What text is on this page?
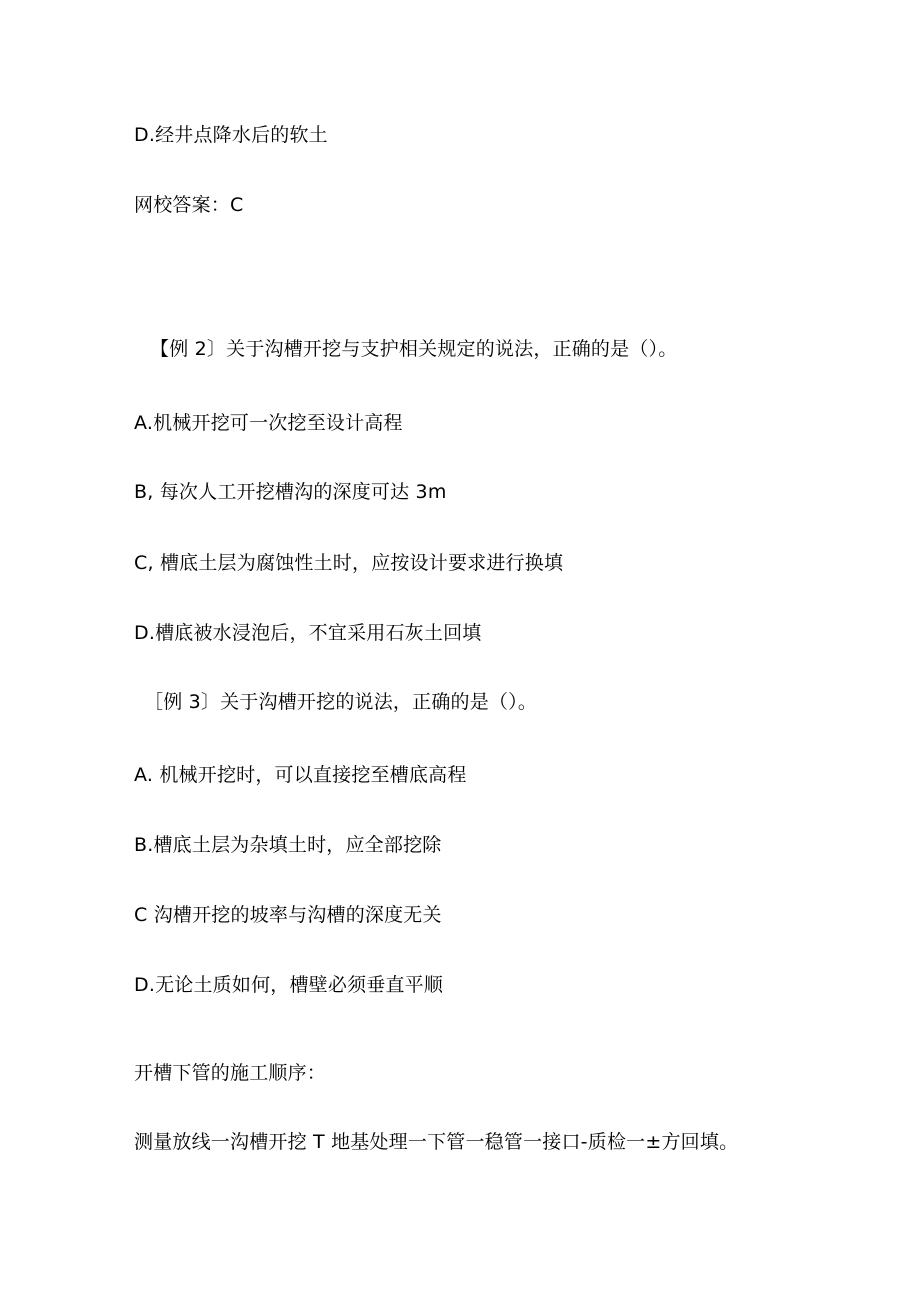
D.经井点降水后的软土

网校答案：C

【例 2〕关于沟槽开挖与支护相关规定的说法，正确的是（）。

A.机械开挖可一次挖至设计高程

B, 每次人工开挖槽沟的深度可达 3m

C, 槽底土层为腐蚀性土时，应按设计要求进行换填

D.槽底被水浸泡后，不宜采用石灰土回填

［例 3〕关于沟槽开挖的说法，正确的是（）。

A. 机械开挖时，可以直接挖至槽底高程

B.槽底土层为杂填土时，应全部挖除

C 沟槽开挖的坡率与沟槽的深度无关

D.无论土质如何，槽壁必须垂直平顺

开槽下管的施工顺序：

测量放线一沟槽开挖 T 地基处理一下管一稳管一接口-质检一±方回填。
